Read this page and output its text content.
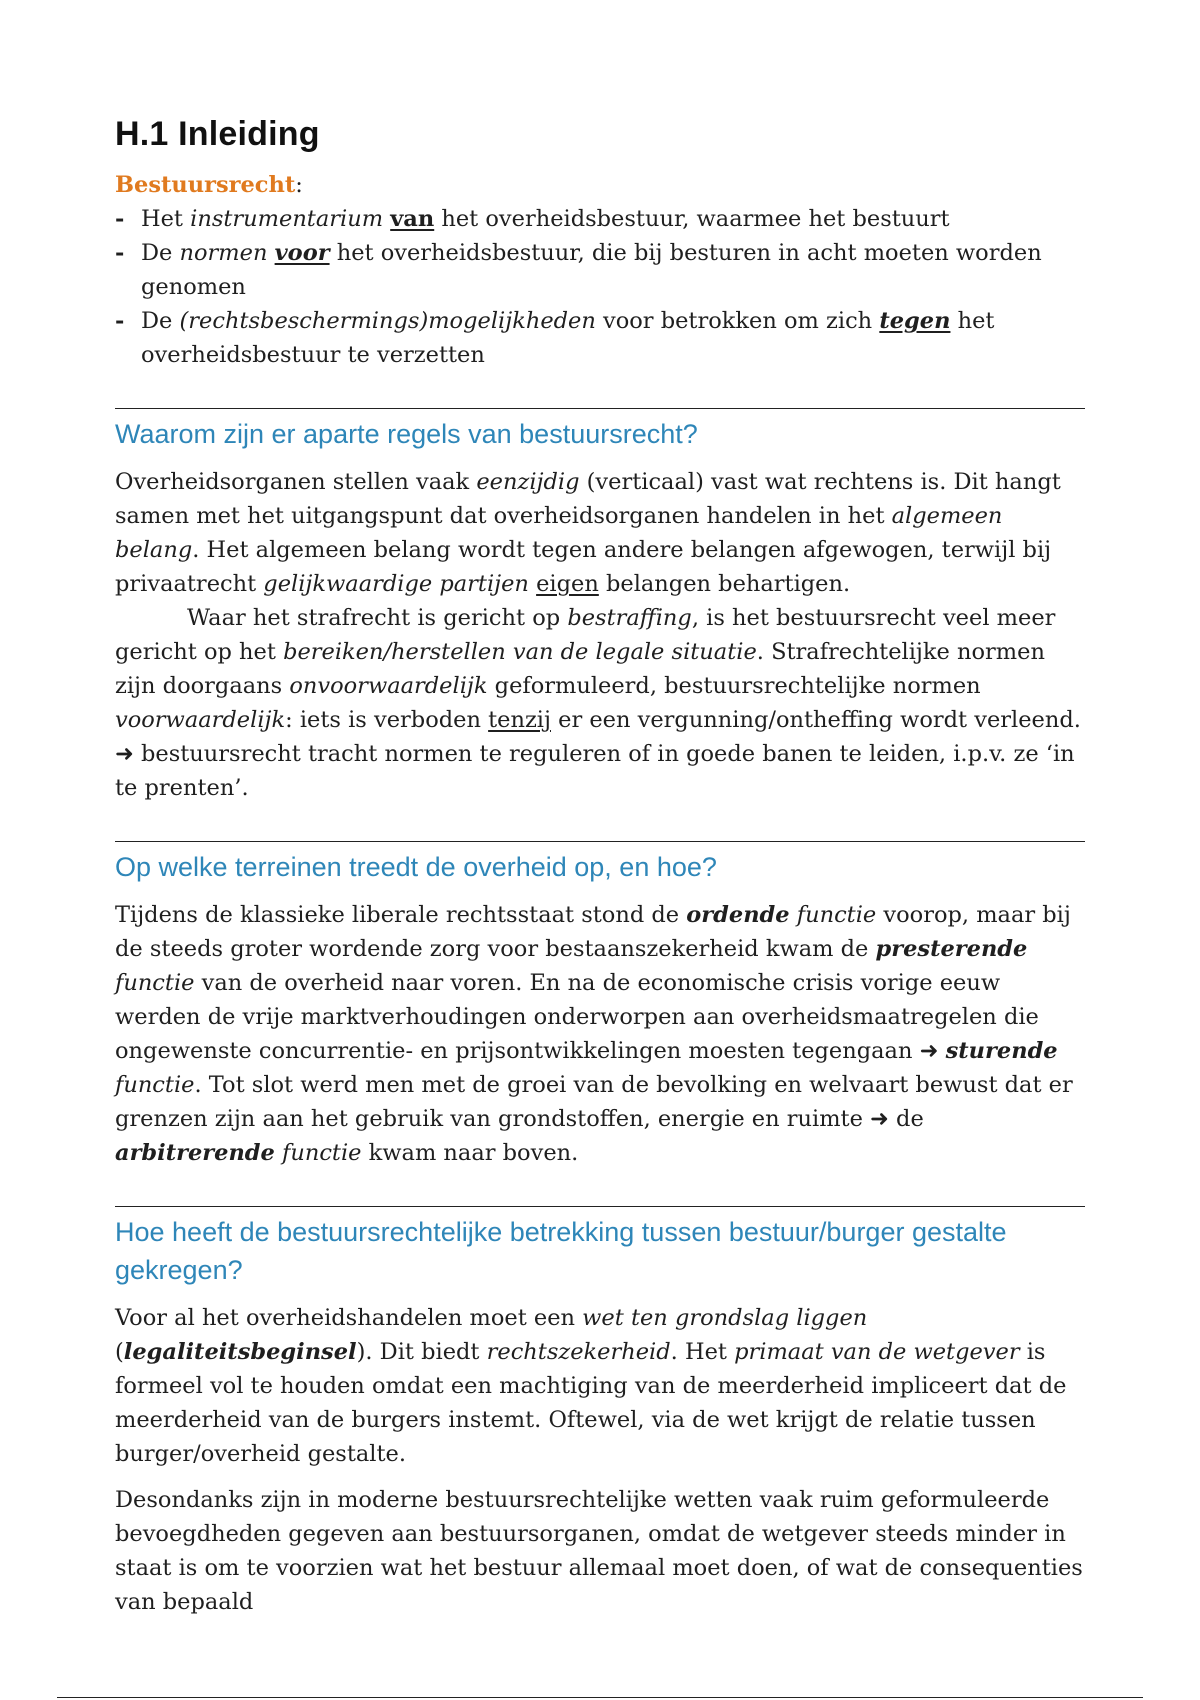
H.1 Inleiding

Bestuursrecht:

- Het instrumentarium van het overheidsbestuur, waarmee het bestuurt
- De normen voor het overheidsbestuur, die bij besturen in acht moeten worden genomen
- De (rechtsbeschermings)mogelijkheden voor betrokken om zich tegen het overheidsbestuur te verzetten
Waarom zijn er aparte regels van bestuursrecht?

Overheidsorganen stellen vaak eenzijdig (verticaal) vast wat rechtens is. Dit hangt samen met het uitgangspunt dat overheidsorganen handelen in het algemeen belang. Het algemeen belang wordt tegen andere belangen afgewogen, terwijl bij privaatrecht gelijkwaardige partijen eigen belangen behartigen.

Waar het strafrecht is gericht op bestraffing, is het bestuursrecht veel meer gericht op het bereiken/herstellen van de legale situatie. Strafrechtelijke normen zijn doorgaans onvoorwaardelijk geformuleerd, bestuursrechtelijke normen voorwaardelijk: iets is verboden tenzij er een vergunning/ontheffing wordt verleend.

➜ bestuursrecht tracht normen te reguleren of in goede banen te leiden, i.p.v. ze ‘in te prenten’.

Op welke terreinen treedt de overheid op, en hoe?

Tijdens de klassieke liberale rechtsstaat stond de ordende functie voorop, maar bij de steeds groter wordende zorg voor bestaanszekerheid kwam de presterende functie van de overheid naar voren. En na de economische crisis vorige eeuw werden de vrije marktverhoudingen onderworpen aan overheidsmaatregelen die ongewenste concurrentie- en prijsontwikkelingen moesten tegengaan ➜ sturende functie. Tot slot werd men met de groei van de bevolking en welvaart bewust dat er grenzen zijn aan het gebruik van grondstoffen, energie en ruimte ➜ de arbitrerende functie kwam naar boven.

Hoe heeft de bestuursrechtelijke betrekking tussen bestuur/burger gestalte gekregen?

Voor al het overheidshandelen moet een wet ten grondslag liggen (legaliteitsbeginsel). Dit biedt rechtszekerheid. Het primaat van de wetgever is formeel vol te houden omdat een machtiging van de meerderheid impliceert dat de meerderheid van de burgers instemt. Oftewel, via de wet krijgt de relatie tussen burger/overheid gestalte.

Desondanks zijn in moderne bestuursrechtelijke wetten vaak ruim geformuleerde bevoegdheden gegeven aan bestuursorganen, omdat de wetgever steeds minder in staat is om te voorzien wat het bestuur allemaal moet doen, of wat de consequenties van bepaald
